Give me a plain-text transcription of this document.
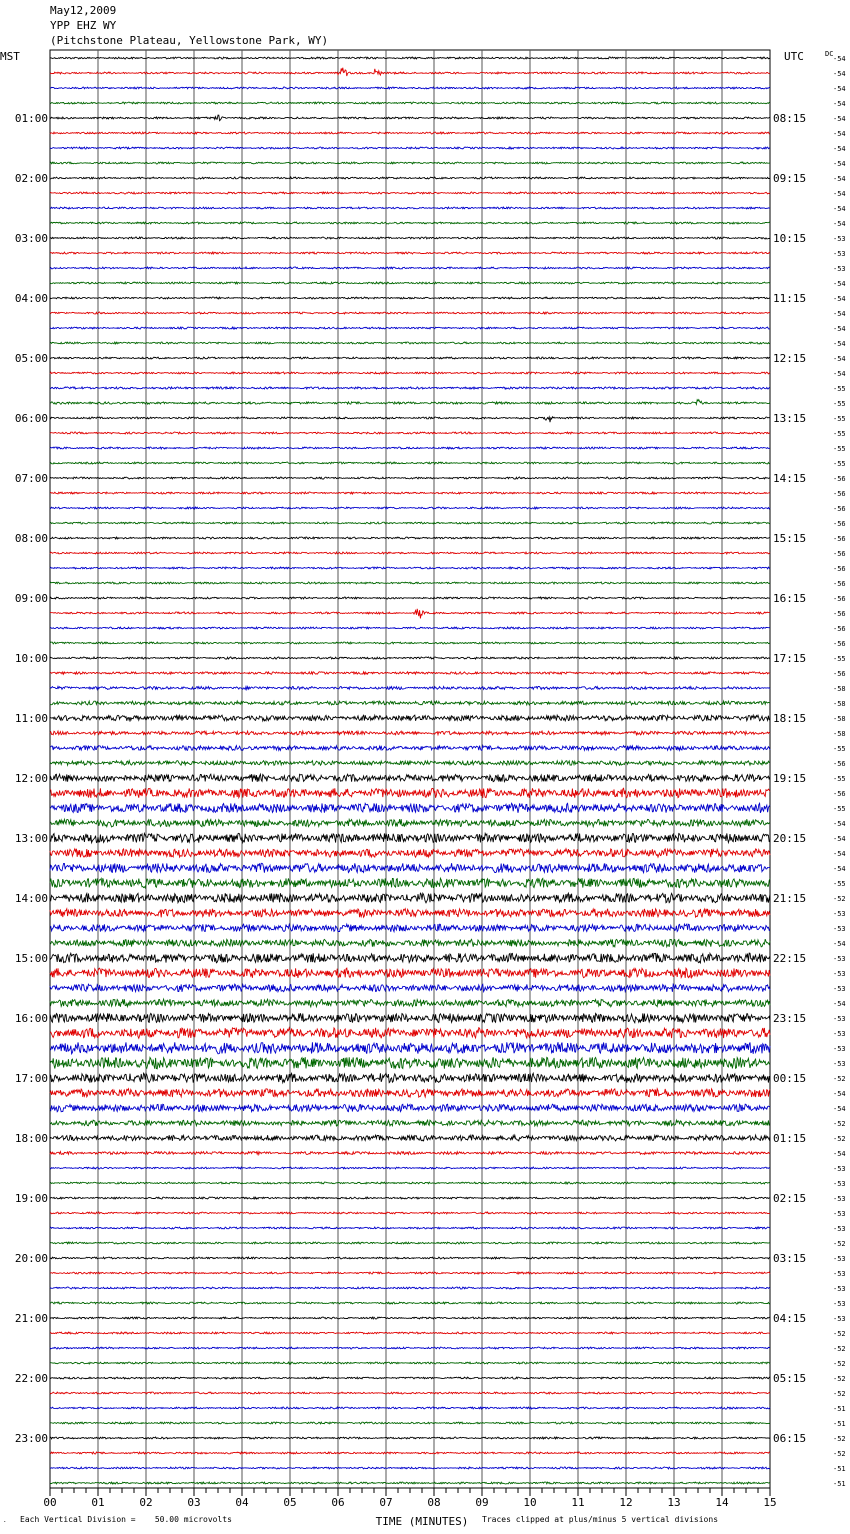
May12,2009
YPP EHZ WY
(Pitchstone Plateau, Yellowstone Park, WY)
00	01	02	03	04	05	06	07	08	09	10	11	12	13	14	15
TIME (MINUTES)
-54
-54
-54
-54
-54
-54
-54
-54
-54
-54
-54
-54
-53
-53
-53
-54
-54
-54
-54
-54
-54
-54
-55
-55
-55
-55
-55
-55
-56
-56
-56
-56
-56
-56
-56
-56
-56
-56
-56
-56
-55
-56
-58
-58
-58
-58
-55
-56
-55
-56
-55
-54
-54
-54
-54
-55
-52
-53
-53
-54
-53
-53
-53
-54
-53
-53
-53
-53
-52
-54
-54
-52
-52
-54
-53
-53
-53
-53
-53
-52
-53
-53
-53
-53
-53
-52
-52
-52
-52
-52
-51
-51
-52
-52
-51
-51
01:00	08:15
02:00	09:15
03:00	10:15
04:00	11:15
05:00	12:15
06:00	13:15
07:00	14:15
08:00	15:15
09:00	16:15
10:00	17:15
11:00	18:15
12:00	19:15
13:00	20:15
14:00	21:15
15:00	22:15
16:00	23:15
17:00	00:15
18:00	01:15
19:00	02:15
20:00	03:15
21:00	04:15
22:00	05:15
23:00	06:15
MST	UTC	DC
Each Vertical Division =    50.00 microvolts	Traces clipped at plus/minus 5 vertical divisions
.
